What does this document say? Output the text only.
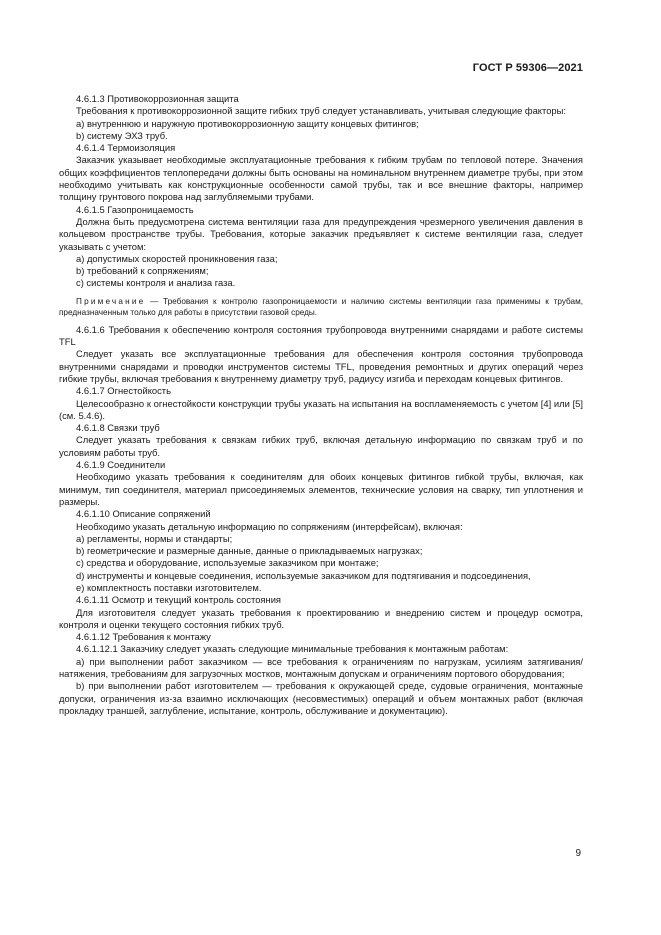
ГОСТ Р 59306—2021

4.6.1.3 Противокоррозионная защита

Требования к противокоррозионной защите гибких труб следует устанавливать, учитывая следующие факторы:

a) внутреннюю и наружную противокоррозионную защиту концевых фитингов;

b) систему ЭХЗ труб.

4.6.1.4 Термоизоляция

Заказчик указывает необходимые эксплуатационные требования к гибким трубам по тепловой потере. Значения общих коэффициентов теплопередачи должны быть основаны на номинальном внутреннем диаметре трубы, при этом необходимо учитывать как конструкционные особенности самой трубы, так и все внешние факторы, например толщину грунтового покрова над заглубляемыми трубами.

4.6.1.5 Газопроницаемость

Должна быть предусмотрена система вентиляции газа для предупреждения чрезмерного увеличения давления в кольцевом пространстве трубы. Требования, которые заказчик предъявляет к системе вентиляции газа, следует указывать с учетом:

a) допустимых скоростей проникновения газа;

b) требований к сопряжениям;

c) системы контроля и анализа газа.

Примечание — Требования к контролю газопроницаемости и наличию системы вентиляции газа применимы к трубам, предназначенным только для работы в присутствии газовой среды.

4.6.1.6 Требования к обеспечению контроля состояния трубопровода внутренними снарядами и работе системы TFL

Следует указать все эксплуатационные требования для обеспечения контроля состояния трубопровода внутренними снарядами и проводки инструментов системы TFL, проведения ремонтных и других операций через гибкие трубы, включая требования к внутреннему диаметру труб, радиусу изгиба и переходам концевых фитингов.

4.6.1.7 Огнестойкость

Целесообразно к огнестойкости конструкции трубы указать на испытания на воспламеняемость с учетом [4] или [5] (см. 5.4.6).

4.6.1.8 Связки труб

Следует указать требования к связкам гибких труб, включая детальную информацию по связкам труб и по условиям работы труб.

4.6.1.9 Соединители

Необходимо указать требования к соединителям для обоих концевых фитингов гибкой трубы, включая, как минимум, тип соединителя, материал присоединяемых элементов, технические условия на сварку, тип уплотнения и размеры.

4.6.1.10 Описание сопряжений

Необходимо указать детальную информацию по сопряжениям (интерфейсам), включая:

a) регламенты, нормы и стандарты;

b) геометрические и размерные данные, данные о прикладываемых нагрузках;

c) средства и оборудование, используемые заказчиком при монтаже;

d) инструменты и концевые соединения, используемые заказчиком для подтягивания и подсоединения,

e) комплектность поставки изготовителем.

4.6.1.11 Осмотр и текущий контроль состояния

Для изготовителя следует указать требования к проектированию и внедрению систем и процедур осмотра, контроля и оценки текущего состояния гибких труб.

4.6.1.12 Требования к монтажу

4.6.1.12.1 Заказчику следует указать следующие минимальные требования к монтажным работам:

a) при выполнении работ заказчиком — все требования к ограничениям по нагрузкам, усилиям затягивания/натяжения, требованиям для загрузочных мостков, монтажным допускам и ограничениям портового оборудования;

b) при выполнении работ изготовителем — требования к окружающей среде, судовые ограничения, монтажные допуски, ограничения из-за взаимно исключающих (несовместимых) операций и объем монтажных работ (включая прокладку траншей, заглубление, испытание, контроль, обслуживание и документацию).

9
